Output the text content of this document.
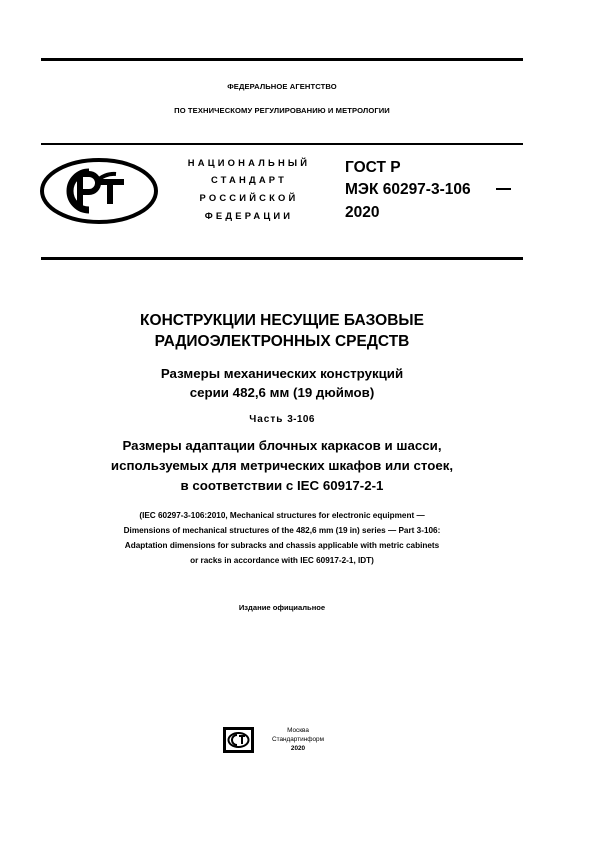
ФЕДЕРАЛЬНОЕ АГЕНТСТВО
ПО ТЕХНИЧЕСКОМУ РЕГУЛИРОВАНИЮ И МЕТРОЛОГИИ
НАЦИОНАЛЬНЫЙ
СТАНДАРТ
РОССИЙСКОЙ
ФЕДЕРАЦИИ
ГОСТ Р
МЭК 60297-3-106
2020
КОНСТРУКЦИИ НЕСУЩИЕ БАЗОВЫЕ
РАДИОЭЛЕКТРОННЫХ СРЕДСТВ
Размеры механических конструкций
серии 482,6 мм (19 дюймов)
Часть 3-106
Размеры адаптации блочных каркасов и шасси,
используемых для метрических шкафов или стоек,
в соответствии с IEC 60917-2-1
(IEC 60297-3-106:2010, Mechanical structures for electronic equipment —
Dimensions of mechanical structures of the 482,6 mm (19 in) series — Part 3-106:
Adaptation dimensions for subracks and chassis applicable with metric cabinets
or racks in accordance with IEC 60917-2-1, IDT)
Издание официальное
Москва
Стандартинформ
2020
